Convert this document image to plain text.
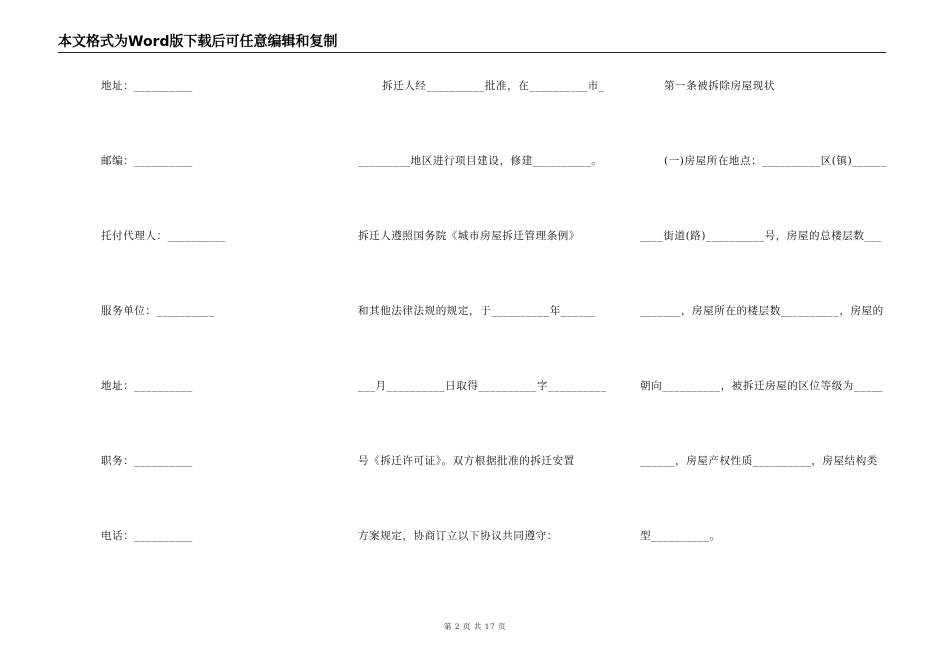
本文格式为Word版下载后可任意编辑和复制
地址：__________
邮编：__________
托付代理人：__________
服务单位：__________
地址：__________
职务：__________
电话：__________
拆迁人经__________批准，在__________市_
_________地区进行项目建设，修建__________。
拆迁人遵照国务院《城市房屋拆迁管理条例》
和其他法律法规的规定，于__________年______
___月__________日取得__________字__________
号《拆迁许可证》。双方根据批准的拆迁安置
方案规定，协商订立以下协议共同遵守：
第一条被拆除房屋现状
(一)房屋所在地点：__________区(镇)______
____街道(路)__________号，房屋的总楼层数___
_______，房屋所在的楼层数__________，房屋的
朝向__________，被拆迁房屋的区位等级为_____
______，房屋产权性质__________，房屋结构类
型__________。
第 2 页 共 17 页
